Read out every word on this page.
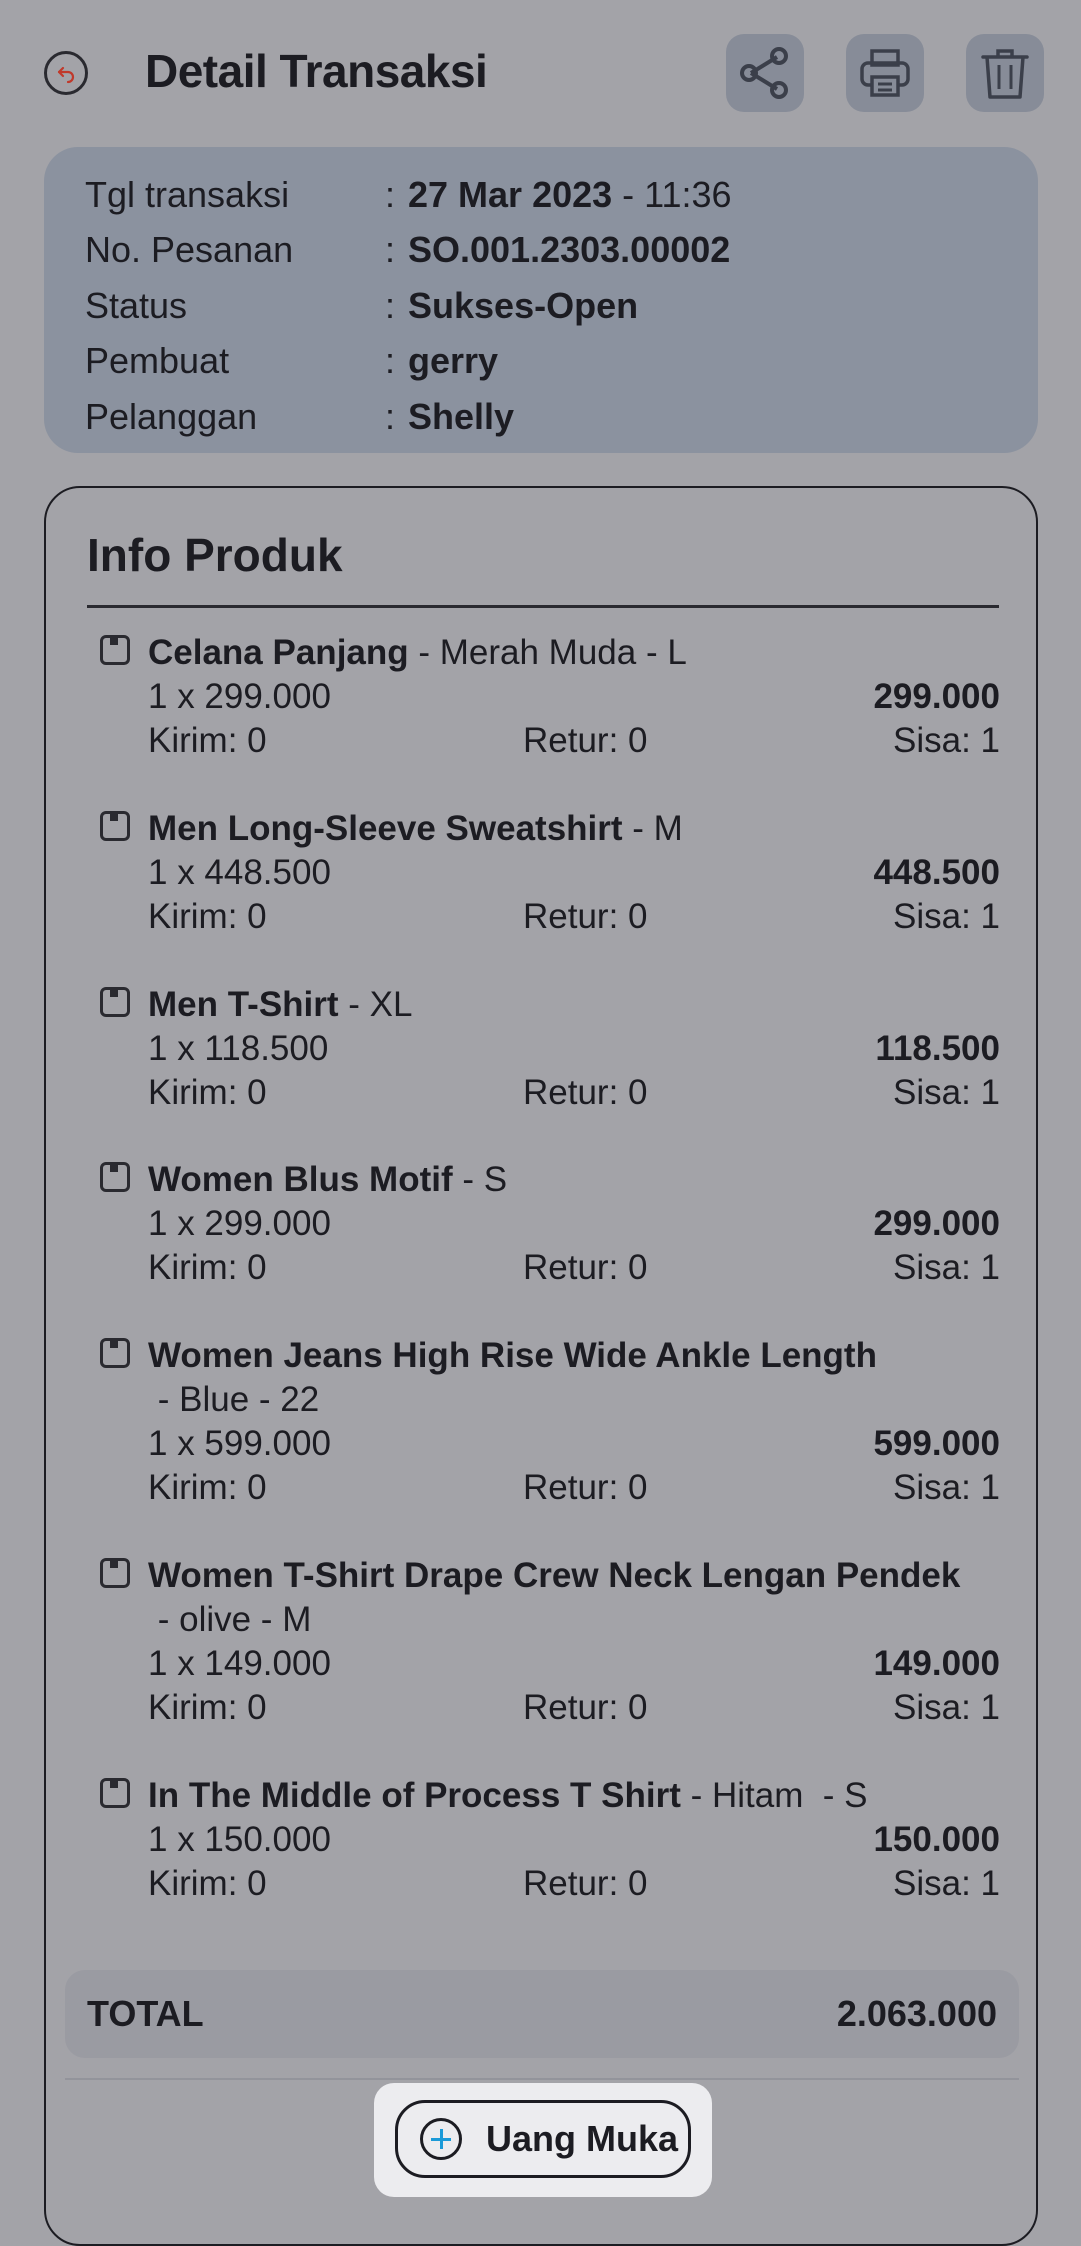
Detail Transaksi
Tgl transaksi	: 27 Mar 2023 - 11:36
No. Pesanan	: SO.001.2303.00002
Status	: Sukses-Open
Pembuat	: gerry
Pelanggan	: Shelly
Info Produk
Celana Panjang - Merah Muda - L
1 x 299.000	299.000
Kirim: 0	Retur: 0	Sisa: 1
Men Long-Sleeve Sweatshirt - M
1 x 448.500	448.500
Kirim: 0	Retur: 0	Sisa: 1
Men T-Shirt - XL
1 x 118.500	118.500
Kirim: 0	Retur: 0	Sisa: 1
Women Blus Motif - S
1 x 299.000	299.000
Kirim: 0	Retur: 0	Sisa: 1
Women Jeans High Rise Wide Ankle Length
- Blue - 22
1 x 599.000	599.000
Kirim: 0	Retur: 0	Sisa: 1
Women T-Shirt Drape Crew Neck Lengan Pendek
- olive - M
1 x 149.000	149.000
Kirim: 0	Retur: 0	Sisa: 1
In The Middle of Process T Shirt - Hitam  - S
1 x 150.000	150.000
Kirim: 0	Retur: 0	Sisa: 1
TOTAL	2.063.000
Uang Muka
